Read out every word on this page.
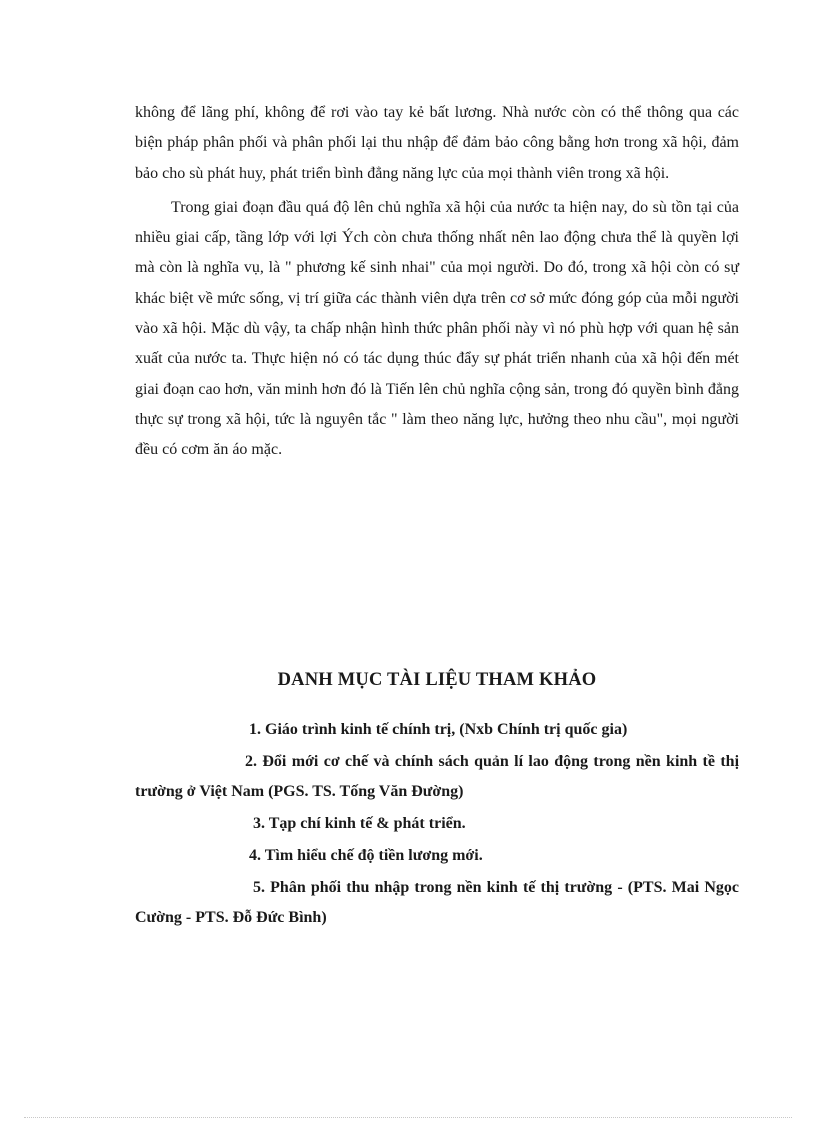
không để lãng phí, không để rơi vào tay kẻ bất lương. Nhà nước còn có thể thông qua các biện pháp phân phối và phân phối lại thu nhập để đảm bảo công bằng hơn trong xã hội, đảm bảo cho sù phát huy, phát triển bình đẳng năng lực của mọi thành viên trong xã hội.

Trong giai đoạn đầu quá độ lên chủ nghĩa xã hội của nước ta hiện nay, do sù tồn tại của nhiều giai cấp, tầng lớp với lợi Ých còn chưa thống nhất nên lao động chưa thể là quyền lợi mà còn là nghĩa vụ, là " phương kế sinh nhai" của mọi người. Do đó, trong xã hội còn có sự khác biệt về mức sống, vị trí giữa các thành viên dựa trên cơ sở mức đóng góp của mỗi người vào xã hội. Mặc dù vậy, ta chấp nhận hình thức phân phối này vì nó phù hợp với quan hệ sản xuất của nước ta. Thực hiện nó có tác dụng thúc đẩy sự phát triển nhanh của xã hội đến mét giai đoạn cao hơn, văn minh hơn đó là Tiến lên chủ nghĩa cộng sản, trong đó quyền bình đẳng thực sự trong xã hội, tức là nguyên tắc " làm theo năng lực, hưởng theo nhu cầu", mọi người đều có cơm ăn áo mặc.

DANH MỤC TÀI LIỆU THAM KHẢO
1. Giáo trình kinh tế chính trị, (Nxb Chính trị quốc gia)
2. Đổi mới cơ chế và chính sách quản lí lao động trong nền kinh tề thị trường ở Việt Nam (PGS. TS. Tống Văn Đường)
3. Tạp chí kinh tế & phát triển.
4. Tìm hiểu chế độ tiền lương mới.
5. Phân phối thu nhập trong nền kinh tế thị trường - (PTS. Mai Ngọc Cường - PTS. Đỗ Đức Bình)
